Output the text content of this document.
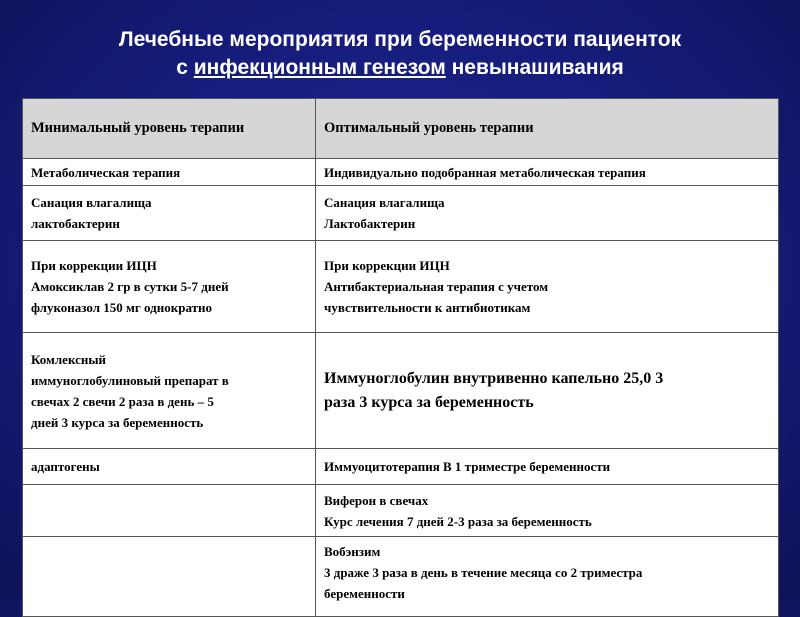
Лечебные мероприятия при беременности пациенток
с инфекционным генезом невынашивания
Минимальный уровень терапии	Оптимальный уровень терапии

Метаболическая терапия	Индивидуально подобранная метаболическая терапия

Санация влагалища
лактобактерин	Санация влагалища
Лактобактерин

При коррекции ИЦН
Амоксиклав 2 гр в сутки 5-7 дней
флуконазол 150 мг однократно	При коррекции ИЦН
Антибактериальная терапия с учетом
чувствительности к антибиотикам

Комлексный
иммуноглобулиновый препарат в
свечах 2 свечи 2 раза в день – 5
дней 3 курса за беременность	Иммуноглобулин внутривенно капельно 25,0 3
раза 3 курса за беременность

адаптогены	Иммуоцитотерапия В 1 триместре беременности

	Виферон в свечах
Курс лечения 7 дней 2-3 раза за беременность

	Вобэнзим
3 драже 3 раза в день в течение месяца со 2 триместра
беременности
